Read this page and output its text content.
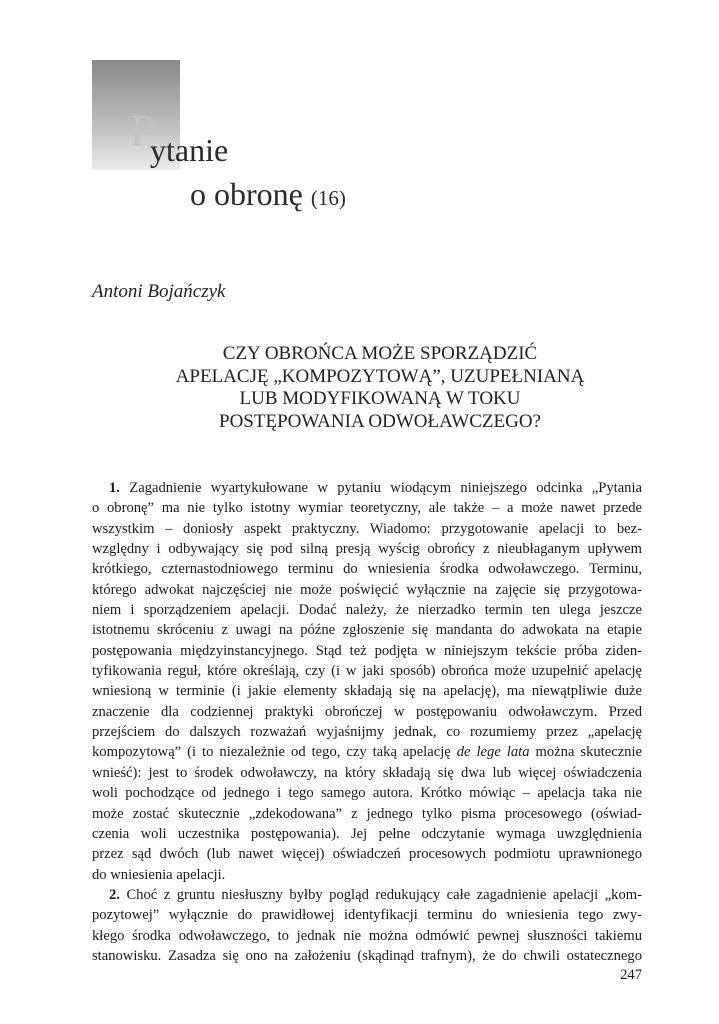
P
ytanie
o obronę (16)
Antoni Bojańczyk
CZY OBROŃCA MOŻE SPORZĄDZIĆ
APELACJĘ „KOMPOZYTOWĄ”, UZUPEŁNIANĄ
LUB MODYFIKOWANĄ W TOKU
POSTĘPOWANIA ODWOŁAWCZEGO?
1. Zagadnienie wyartykułowane w pytaniu wiodącym niniejszego odcinka „Pytania
o obronę” ma nie tylko istotny wymiar teoretyczny, ale także – a może nawet przede
wszystkim – doniosły aspekt praktyczny. Wiadomo: przygotowanie apelacji to bez-
względny i odbywający się pod silną presją wyścig obrońcy z nieubłaganym upływem
krótkiego, czternastodniowego terminu do wniesienia środka odwoławczego. Terminu,
którego adwokat najczęściej nie może poświęcić wyłącznie na zajęcie się przygotowa-
niem i sporządzeniem apelacji. Dodać należy, że nierzadko termin ten ulega jeszcze
istotnemu skróceniu z uwagi na późne zgłoszenie się mandanta do adwokata na etapie
postępowania międzyinstancyjnego. Stąd też podjęta w niniejszym tekście próba ziden-
tyfikowania reguł, które określają, czy (i w jaki sposób) obrońca może uzupełnić apelację
wniesioną w terminie (i jakie elementy składają się na apelację), ma niewątpliwie duże
znaczenie dla codziennej praktyki obrończej w postępowaniu odwoławczym. Przed
przejściem do dalszych rozważań wyjaśnijmy jednak, co rozumiemy przez „apelację
kompozytową” (i to niezależnie od tego, czy taką apelację de lege lata można skutecznie
wnieść): jest to środek odwoławczy, na który składają się dwa lub więcej oświadczenia
woli pochodzące od jednego i tego samego autora. Krótko mówiąc – apelacja taka nie
może zostać skutecznie „zdekodowana” z jednego tylko pisma procesowego (oświad-
czenia woli uczestnika postępowania). Jej pełne odczytanie wymaga uwzględnienia
przez sąd dwóch (lub nawet więcej) oświadczeń procesowych podmiotu uprawnionego
do wniesienia apelacji.
2. Choć z gruntu niesłuszny byłby pogląd redukujący całe zagadnienie apelacji „kom-
pozytowej” wyłącznie do prawidłowej identyfikacji terminu do wniesienia tego zwy-
kłego środka odwoławczego, to jednak nie można odmówić pewnej słuszności takiemu
stanowisku. Zasadza się ono na założeniu (skądinąd trafnym), że do chwili ostatecznego
247
